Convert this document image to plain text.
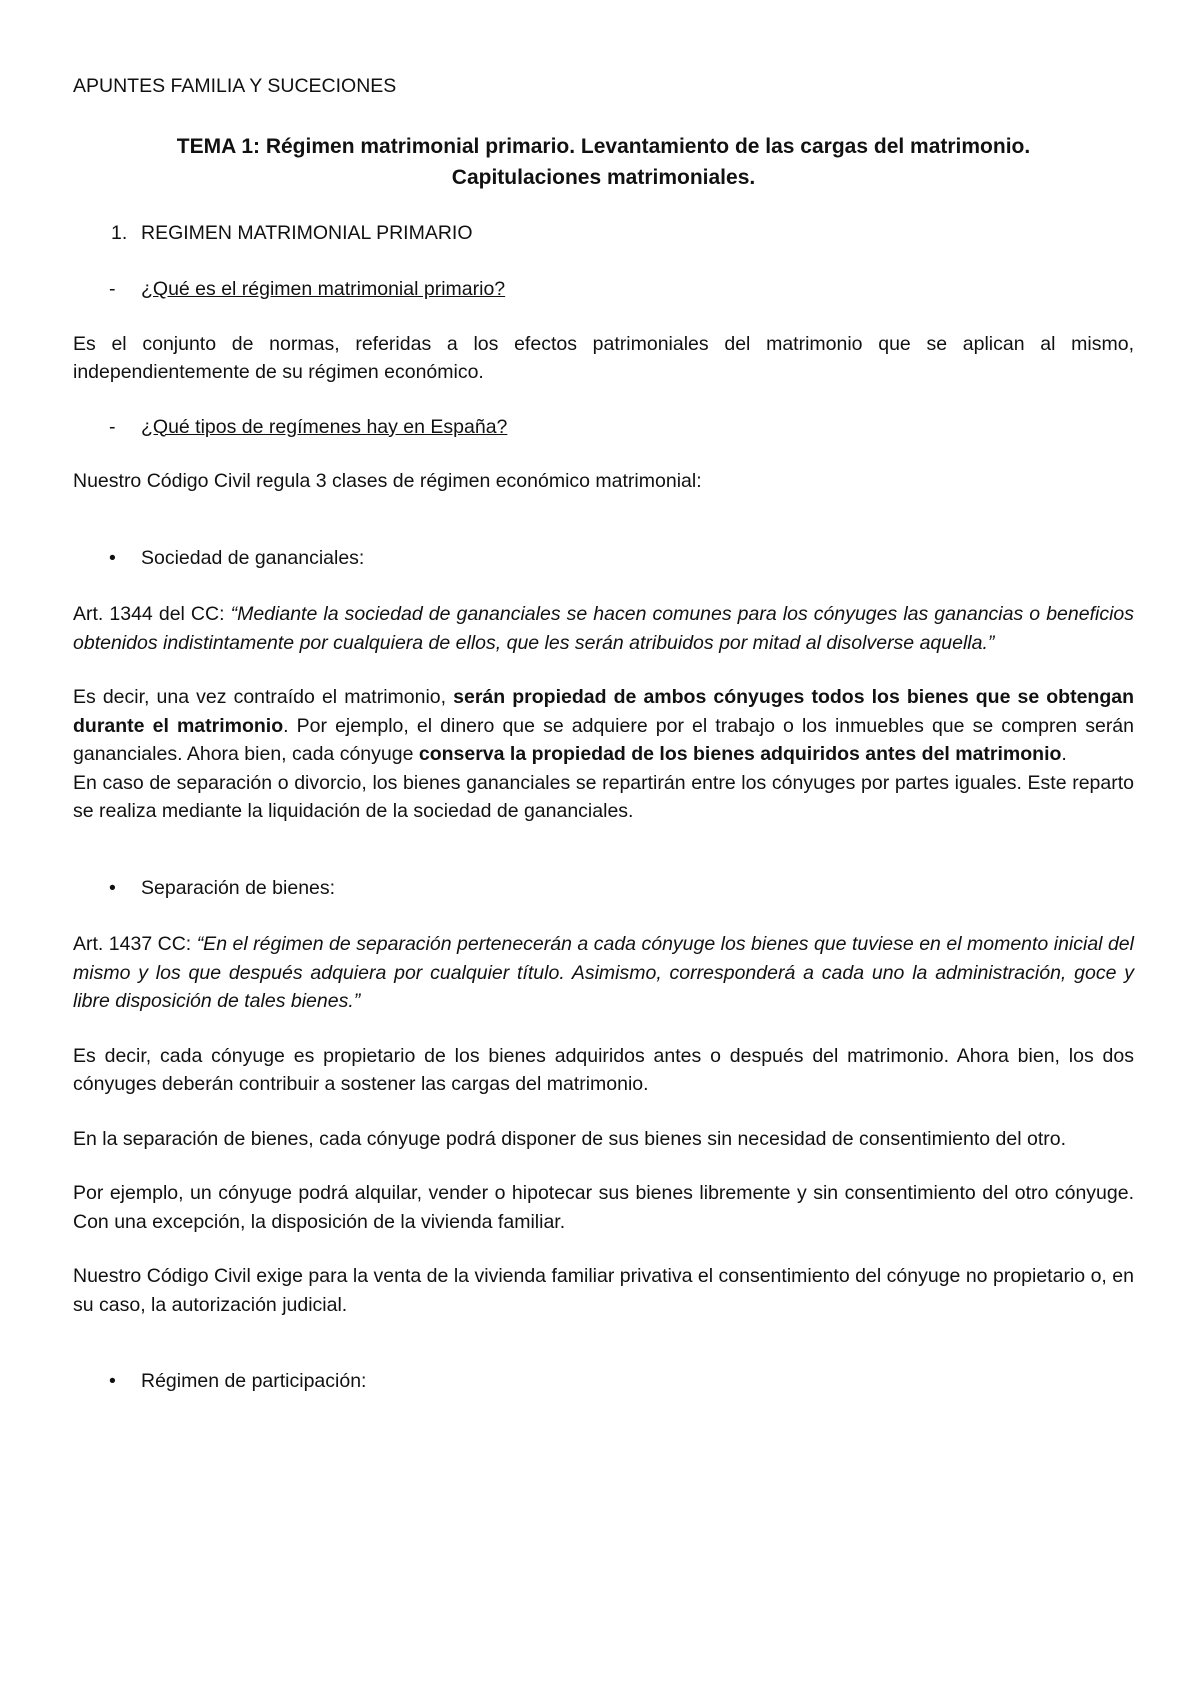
APUNTES FAMILIA Y SUCECIONES
TEMA 1: Régimen matrimonial primario. Levantamiento de las cargas del matrimonio.
Capitulaciones matrimoniales.
1. REGIMEN MATRIMONIAL PRIMARIO
- ¿Qué es el régimen matrimonial primario?

Es el conjunto de normas, referidas a los efectos patrimoniales del matrimonio que se aplican al mismo, independientemente de su régimen económico.

- ¿Qué tipos de regímenes hay en España?

Nuestro Código Civil regula 3 clases de régimen económico matrimonial:

• Sociedad de gananciales:

Art. 1344 del CC: “Mediante la sociedad de gananciales se hacen comunes para los cónyuges las ganancias o beneficios obtenidos indistintamente por cualquiera de ellos, que les serán atribuidos por mitad al disolverse aquella.”

Es decir, una vez contraído el matrimonio, serán propiedad de ambos cónyuges todos los bienes que se obtengan durante el matrimonio. Por ejemplo, el dinero que se adquiere por el trabajo o los inmuebles que se compren serán gananciales. Ahora bien, cada cónyuge conserva la propiedad de los bienes adquiridos antes del matrimonio.

En caso de separación o divorcio, los bienes gananciales se repartirán entre los cónyuges por partes iguales. Este reparto se realiza mediante la liquidación de la sociedad de gananciales.

• Separación de bienes:

Art. 1437 CC: “En el régimen de separación pertenecerán a cada cónyuge los bienes que tuviese en el momento inicial del mismo y los que después adquiera por cualquier título. Asimismo, corresponderá a cada uno la administración, goce y libre disposición de tales bienes.”

Es decir, cada cónyuge es propietario de los bienes adquiridos antes o después del matrimonio. Ahora bien, los dos cónyuges deberán contribuir a sostener las cargas del matrimonio.

En la separación de bienes, cada cónyuge podrá disponer de sus bienes sin necesidad de consentimiento del otro.

Por ejemplo, un cónyuge podrá alquilar, vender o hipotecar sus bienes libremente y sin consentimiento del otro cónyuge. Con una excepción, la disposición de la vivienda familiar.

Nuestro Código Civil exige para la venta de la vivienda familiar privativa el consentimiento del cónyuge no propietario o, en su caso, la autorización judicial.

• Régimen de participación:
